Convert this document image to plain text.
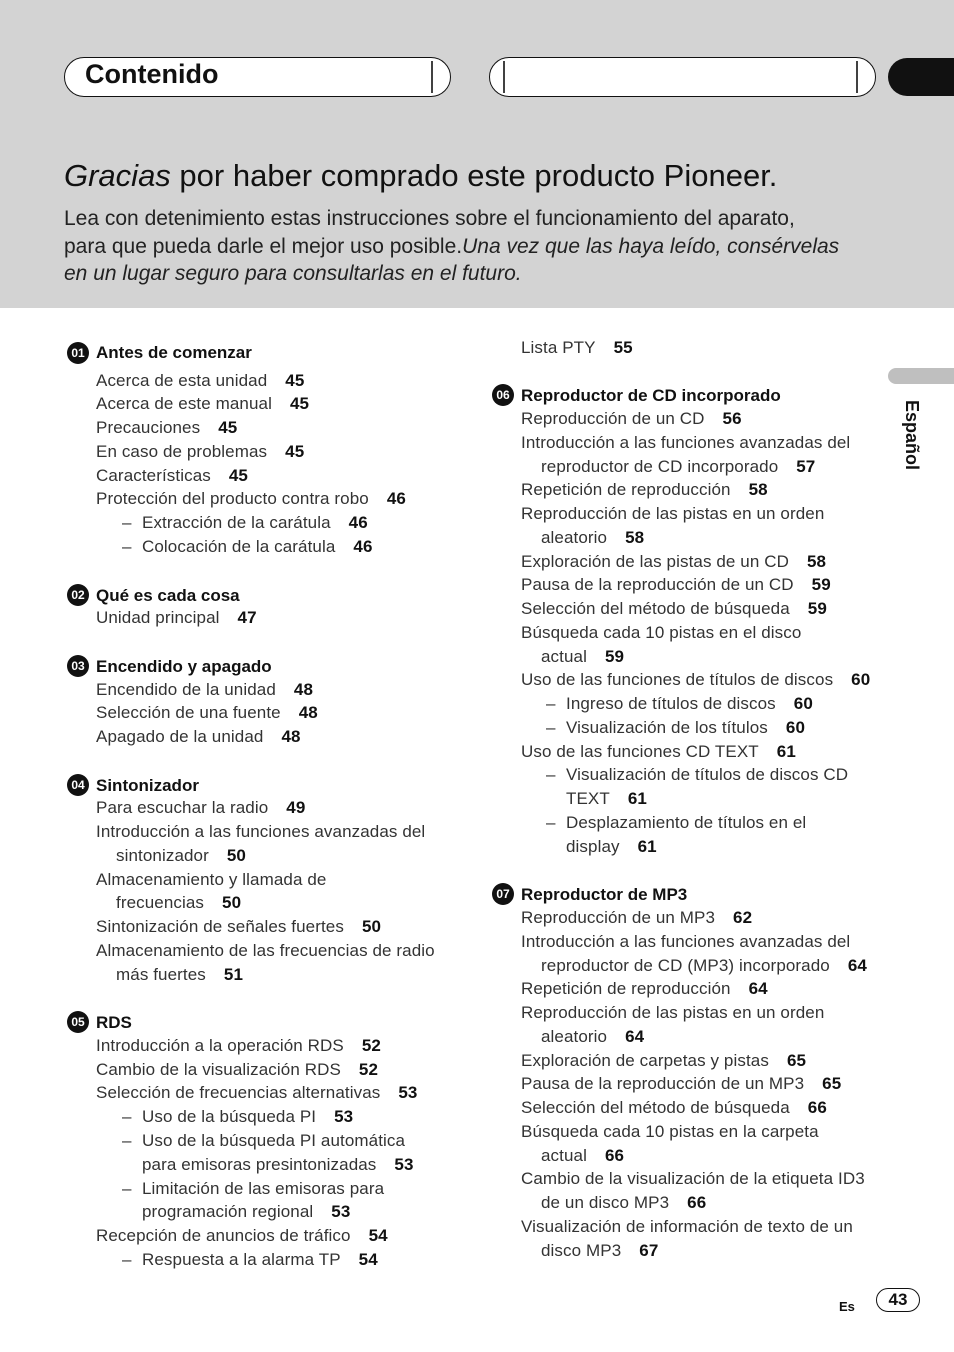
Contenido
Gracias por haber comprado este producto Pioneer.
Lea con detenimiento estas instrucciones sobre el funcionamiento del aparato,
para que pueda darle el mejor uso posible.Una vez que las haya leído, consérvelas
en un lugar seguro para consultarlas en el futuro.
Español
01 Antes de comenzar
02 Qué es cada cosa
03 Encendido y apagado
04 Sintonizador
05 RDS
06 Reproductor de CD incorporado
07 Reproductor de MP3
Acerca de esta unidad 45
Acerca de este manual 45
Precauciones 45
En caso de problemas 45
Características 45
Protección del producto contra robo 46
– Extracción de la carátula 46
– Colocación de la carátula 46
Unidad principal 47
Encendido de la unidad 48
Selección de una fuente 48
Apagado de la unidad 48
Para escuchar la radio 49
Introducción a las funciones avanzadas del
sintonizador 50
Almacenamiento y llamada de
frecuencias 50
Sintonización de señales fuertes 50
Almacenamiento de las frecuencias de radio
más fuertes 51
Introducción a la operación RDS 52
Cambio de la visualización RDS 52
Selección de frecuencias alternativas 53
– Uso de la búsqueda PI 53
– Uso de la búsqueda PI automática
para emisoras presintonizadas 53
– Limitación de las emisoras para
programación regional 53
Recepción de anuncios de tráfico 54
– Respuesta a la alarma TP 54
Lista PTY 55
Reproducción de un CD 56
Introducción a las funciones avanzadas del
reproductor de CD incorporado 57
Repetición de reproducción 58
Reproducción de las pistas en un orden
aleatorio 58
Exploración de las pistas de un CD 58
Pausa de la reproducción de un CD 59
Selección del método de búsqueda 59
Búsqueda cada 10 pistas en el disco
actual 59
Uso de las funciones de títulos de discos 60
– Ingreso de títulos de discos 60
– Visualización de los títulos 60
Uso de las funciones CD TEXT 61
– Visualización de títulos de discos CD
TEXT 61
– Desplazamiento de títulos en el
display 61
Reproducción de un MP3 62
Introducción a las funciones avanzadas del
reproductor de CD (MP3) incorporado 64
Repetición de reproducción 64
Reproducción de las pistas en un orden
aleatorio 64
Exploración de carpetas y pistas 65
Pausa de la reproducción de un MP3 65
Selección del método de búsqueda 66
Búsqueda cada 10 pistas en la carpeta
actual 66
Cambio de la visualización de la etiqueta ID3
de un disco MP3 66
Visualización de información de texto de un
disco MP3 67
Es	43
